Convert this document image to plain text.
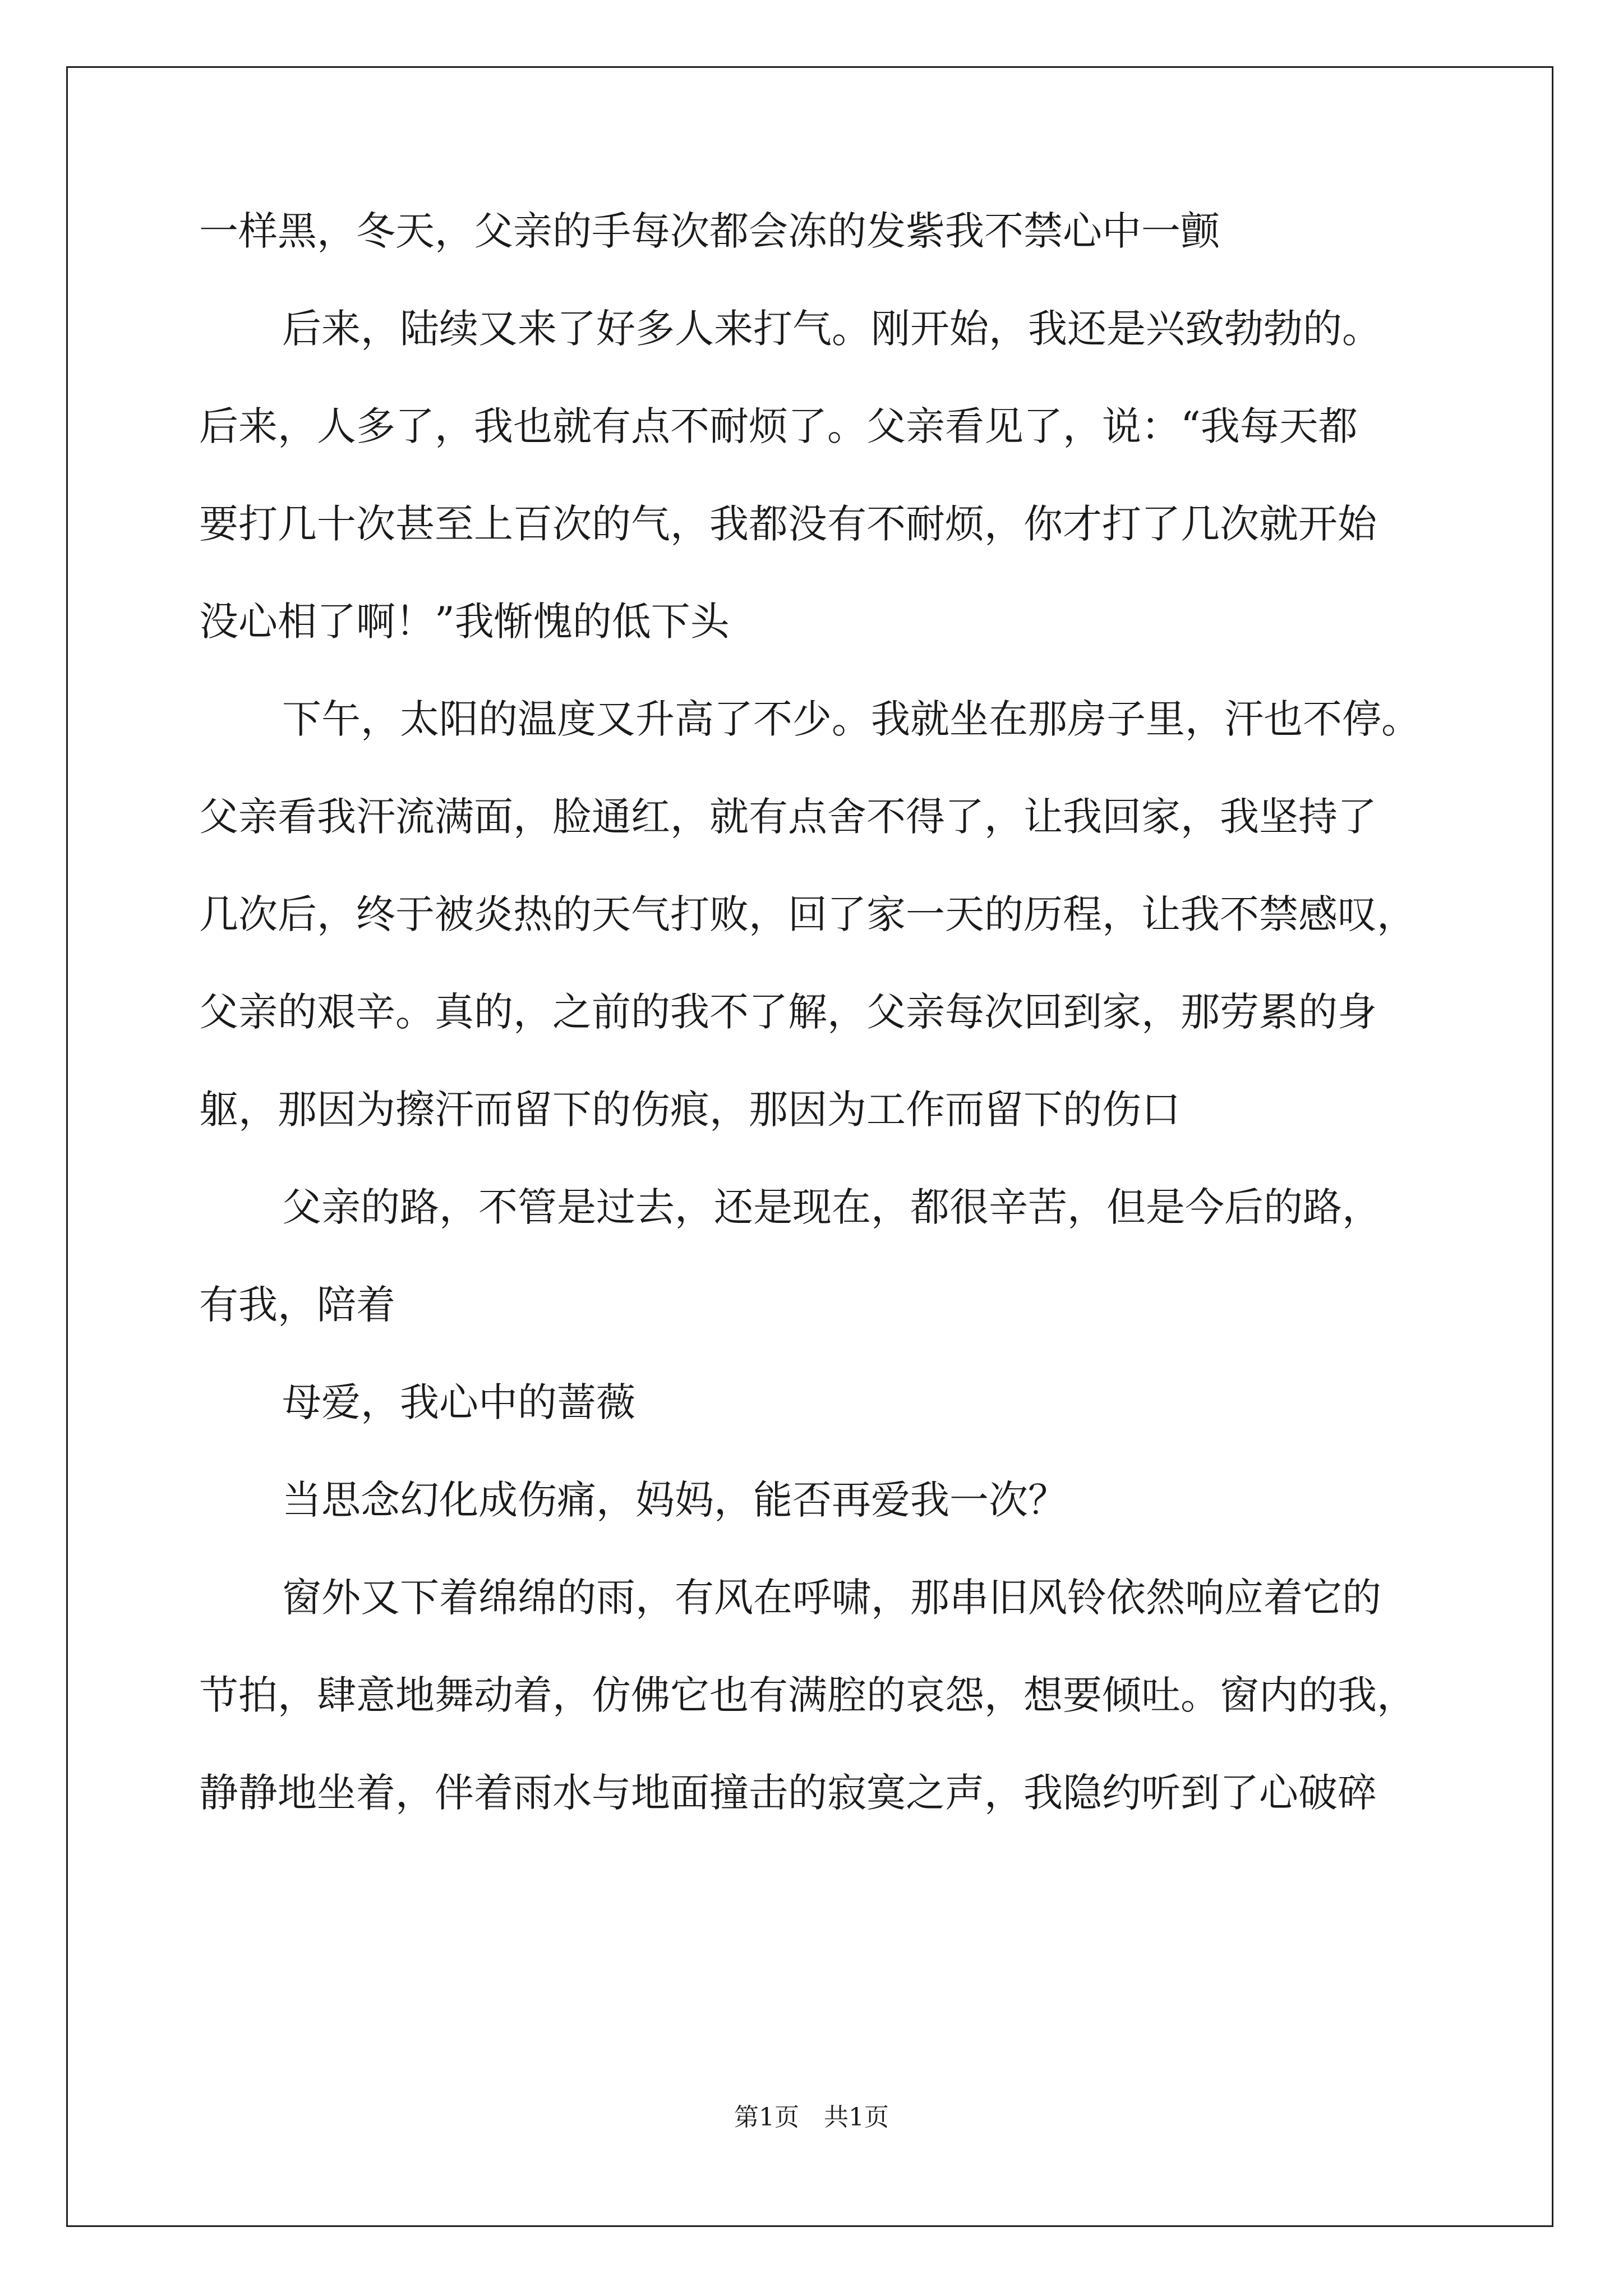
一样黑，冬天，父亲的手每次都会冻的发紫我不禁心中一颤
后来，陆续又来了好多人来打气。刚开始，我还是兴致勃勃的。
后来，人多了，我也就有点不耐烦了。父亲看见了，说：“我每天都
要打几十次甚至上百次的气，我都没有不耐烦，你才打了几次就开始
没心相了啊！”我惭愧的低下头
下午，太阳的温度又升高了不少。我就坐在那房子里，汗也不停。
父亲看我汗流满面，脸通红，就有点舍不得了，让我回家，我坚持了
几次后，终于被炎热的天气打败，回了家一天的历程，让我不禁感叹，
父亲的艰辛。真的，之前的我不了解，父亲每次回到家，那劳累的身
躯，那因为擦汗而留下的伤痕，那因为工作而留下的伤口
父亲的路，不管是过去，还是现在，都很辛苦，但是今后的路，
有我，陪着
母爱，我心中的蔷薇
当思念幻化成伤痛，妈妈，能否再爱我一次？
窗外又下着绵绵的雨，有风在呼啸，那串旧风铃依然响应着它的
节拍，肆意地舞动着，仿佛它也有满腔的哀怨，想要倾吐。窗内的我，
静静地坐着，伴着雨水与地面撞击的寂寞之声，我隐约听到了心破碎
第1页　共1页
